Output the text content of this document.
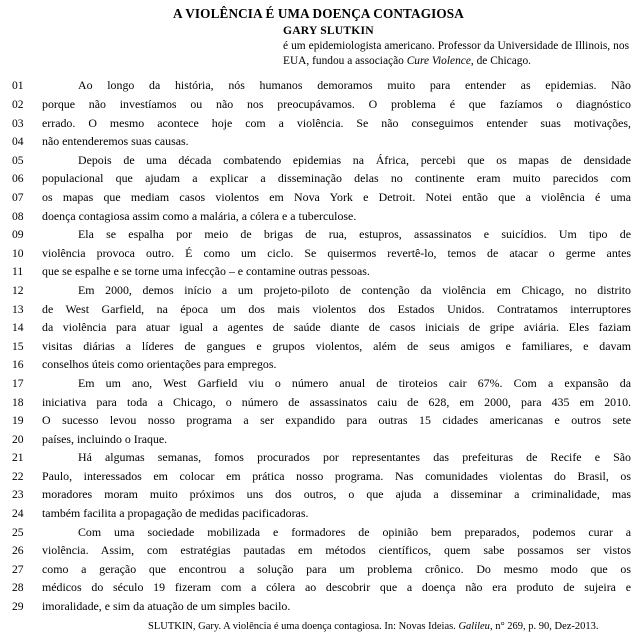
A VIOLÊNCIA É UMA DOENÇA CONTAGIOSA
GARY SLUTKIN
é um epidemiologista americano. Professor da Universidade de Illinois, nos EUA, fundou a associação Cure Violence, de Chicago.
01	Ao longo da história, nós humanos demoramos muito para entender as epidemias. Não
02	porque não investíamos ou não nos preocupávamos. O problema é que fazíamos o diagnóstico
03	errado. O mesmo acontece hoje com a violência. Se não conseguimos entender suas motivações,
04	não entenderemos suas causas.
05	Depois de uma década combatendo epidemias na África, percebi que os mapas de densidade
06	populacional que ajudam a explicar a disseminação delas no continente eram muito parecidos com
07	os mapas que mediam casos violentos em Nova York e Detroit. Notei então que a violência é uma
08	doença contagiosa assim como a malária, a cólera e a tuberculose.
09	Ela se espalha por meio de brigas de rua, estupros, assassinatos e suicídios. Um tipo de
10	violência provoca outro. É como um ciclo. Se quisermos revertê-lo, temos de atacar o germe antes
11	que se espalhe e se torne uma infecção – e contamine outras pessoas.
12	Em 2000, demos início a um projeto-piloto de contenção da violência em Chicago, no distrito
13	de West Garfield, na época um dos mais violentos dos Estados Unidos. Contratamos interruptores
14	da violência para atuar igual a agentes de saúde diante de casos iniciais de gripe aviária. Eles faziam
15	visitas diárias a líderes de gangues e grupos violentos, além de seus amigos e familiares, e davam
16	conselhos úteis como orientações para empregos.
17	Em um ano, West Garfield viu o número anual de tiroteios cair 67%. Com a expansão da
18	iniciativa para toda a Chicago, o número de assassinatos caiu de 628, em 2000, para 435 em 2010.
19	O sucesso levou nosso programa a ser expandido para outras 15 cidades americanas e outros sete
20	países, incluindo o Iraque.
21	Há algumas semanas, fomos procurados por representantes das prefeituras de Recife e São
22	Paulo, interessados em colocar em prática nosso programa. Nas comunidades violentas do Brasil, os
23	moradores moram muito próximos uns dos outros, o que ajuda a disseminar a criminalidade, mas
24	também facilita a propagação de medidas pacificadoras.
25	Com uma sociedade mobilizada e formadores de opinião bem preparados, podemos curar a
26	violência. Assim, com estratégias pautadas em métodos científicos, quem sabe possamos ser vistos
27	como a geração que encontrou a solução para um problema crônico. Do mesmo modo que os
28	médicos do século 19 fizeram com a cólera ao descobrir que a doença não era produto de sujeira e
29	imoralidade, e sim da atuação de um simples bacilo.
SLUTKIN, Gary. A violência é uma doença contagiosa. In: Novas Ideias. Galileu, n° 269, p. 90, Dez-2013.
